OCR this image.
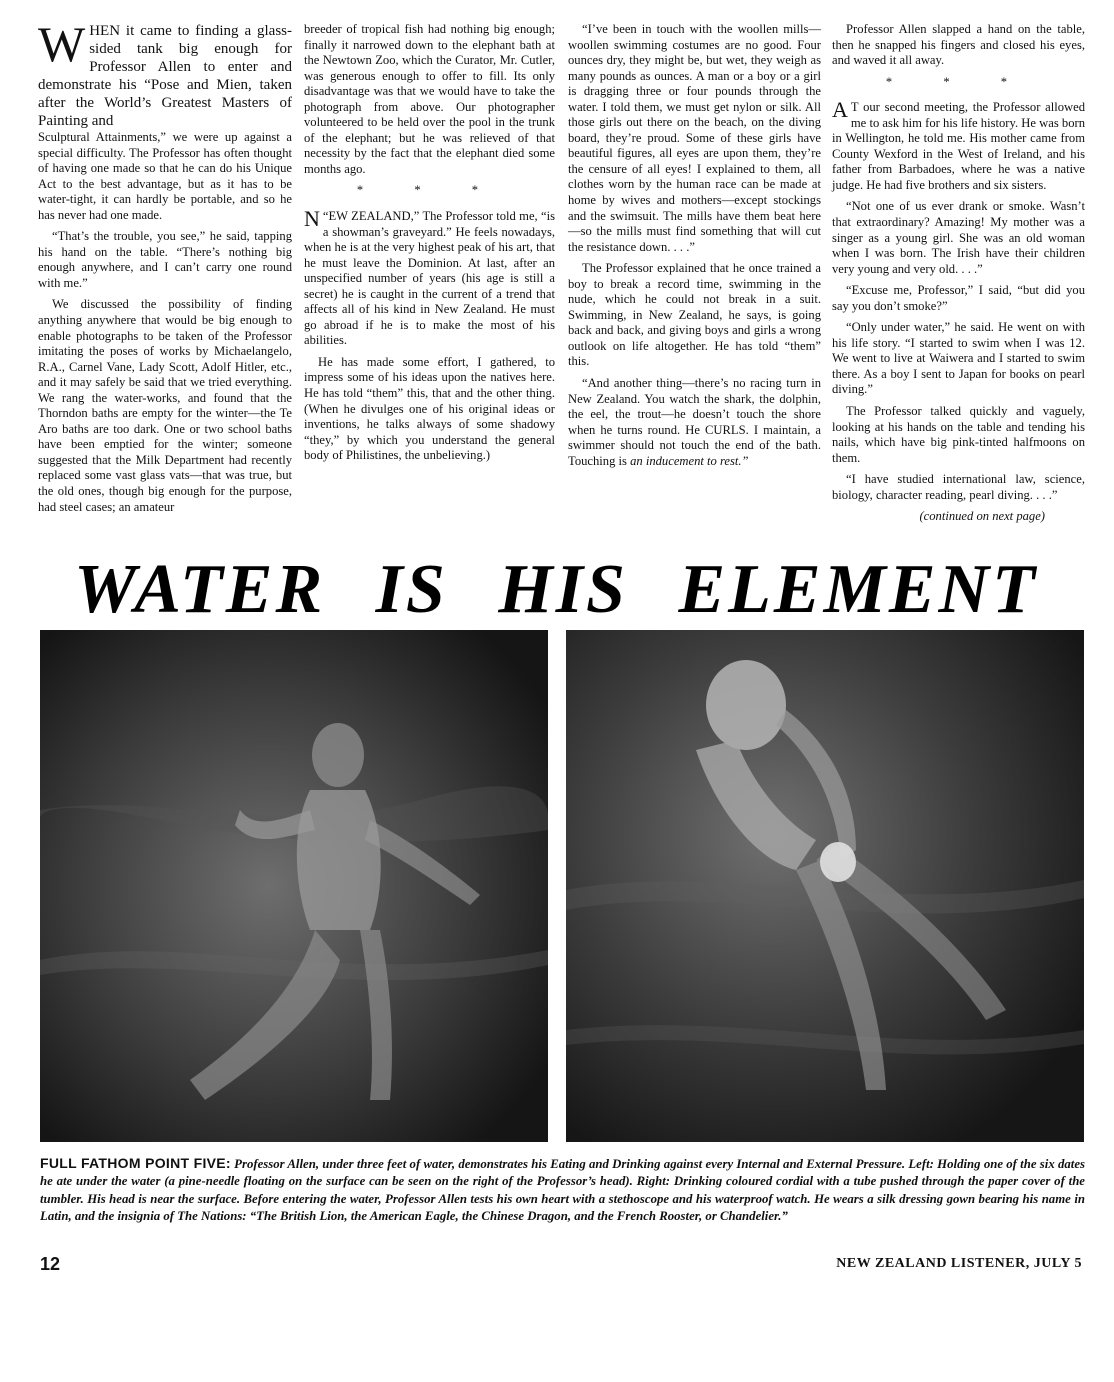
WHEN it came to finding a glass-sided tank big enough for Professor Allen to enter and demonstrate his “Pose and Mien, taken after the World’s Greatest Masters of Painting and

Sculptural Attainments,” we were up against a special difficulty. The Professor has often thought of having one made so that he can do his Unique Act to the best advantage, but as it has to be water-tight, it can hardly be portable, and so he has never had one made.

“That’s the trouble, you see,” he said, tapping his hand on the table. “There’s nothing big enough anywhere, and I can’t carry one round with me.”

We discussed the possibility of finding anything anywhere that would be big enough to enable photographs to be taken of the Professor imitating the poses of works by Michaelangelo, R.A., Carnel Vane, Lady Scott, Adolf Hitler, etc., and it may safely be said that we tried everything. We rang the water-works, and found that the Thorndon baths are empty for the winter—the Te Aro baths are too dark. One or two school baths have been emptied for the winter; someone suggested that the Milk Department had recently replaced some vast glass vats—that was true, but the old ones, though big enough for the purpose, had steel cases; an amateur

breeder of tropical fish had nothing big enough; finally it narrowed down to the elephant bath at the Newtown Zoo, which the Curator, Mr. Cutler, was generous enough to offer to fill. Its only disadvantage was that we would have to take the photograph from above. Our photographer volunteered to be held over the pool in the trunk of the elephant; but he was relieved of that necessity by the fact that the elephant died some months ago.

* * *

“
N EW ZEALAND,” The Professor told me, “is a showman’s graveyard.” He feels nowadays, when he is at the very highest peak of his art, that he must leave the Dominion. At last, after an unspecified number of years (his age is still a secret) he is caught in the current of a trend that affects all of his kind in New Zealand. He must go abroad if he is to make the most of his abilities.

He has made some effort, I gathered, to impress some of his ideas upon the natives here. He has told “them” this, that and the other thing. (When he divulges one of his original ideas or inventions, he talks always of some shadowy “they,” by which you understand the general body of Philistines, the unbelieving.)

“I’ve been in touch with the woollen mills—woollen swimming costumes are no good. Four ounces dry, they might be, but wet, they weigh as many pounds as ounces. A man or a boy or a girl is dragging three or four pounds through the water. I told them, we must get nylon or silk. All those girls out there on the beach, on the diving board, they’re proud. Some of these girls have beautiful figures, all eyes are upon them, they’re the censure of all eyes! I explained to them, all clothes worn by the human race can be made at home by wives and mothers—except stockings and the swimsuit. The mills have them beat here—so the mills must find something that will cut the resistance down. . . .”

The Professor explained that he once trained a boy to break a record time, swimming in the nude, which he could not break in a suit. Swimming, in New Zealand, he says, is going back and back, and giving boys and girls a wrong outlook on life altogether. He has told “them” this.

“And another thing—there’s no racing turn in New Zealand. You watch the shark, the dolphin, the eel, the trout—he doesn’t touch the shore when he turns round. He CURLS. I maintain, a swimmer should not touch the end of the bath. Touching is an inducement to rest.”

Professor Allen slapped a hand on the table, then he snapped his fingers and closed his eyes, and waved it all away.

* * *

A T our second meeting, the Professor allowed me to ask him for his life history. He was born in Wellington, he told me. His mother came from County Wexford in the West of Ireland, and his father from Barbadoes, where he was a native judge. He had five brothers and six sisters.

“Not one of us ever drank or smoke. Wasn’t that extraordinary? Amazing! My mother was a singer as a young girl. She was an old woman when I was born. The Irish have their children very young and very old. . . .”

“Excuse me, Professor,” I said, “but did you say you don’t smoke?”

“Only under water,” he said. He went on with his life story. “I started to swim when I was 12. We went to live at Waiwera and I started to swim there. As a boy I sent to Japan for books on pearl diving.”

The Professor talked quickly and vaguely, looking at his hands on the table and tending his nails, which have big pink-tinted halfmoons on them.

“I have studied international law, science, biology, character reading, pearl diving. . . .”

(continued on next page)

WATER IS HIS ELEMENT
FULL FATHOM POINT FIVE: Professor Allen, under three feet of water, demonstrates his Eating and Drinking against every Internal and External Pressure. Left: Holding one of the six dates he ate under the water (a pine-needle floating on the surface can be seen on the right of the Professor’s head). Right: Drinking coloured cordial with a tube pushed through the paper cover of the tumbler. His head is near the surface. Before entering the water, Professor Allen tests his own heart with a stethoscope and his waterproof watch. He wears a silk dressing gown bearing his name in Latin, and the insignia of The Nations: “The British Lion, the American Eagle, the Chinese Dragon, and the French Rooster, or Chandelier.”
12	NEW ZEALAND LISTENER, JULY 5
